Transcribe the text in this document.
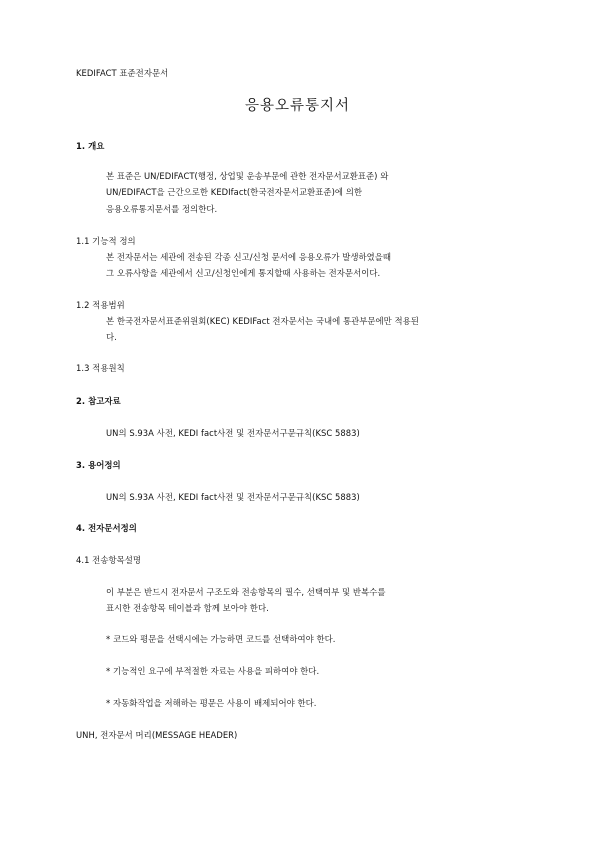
KEDIFACT 표준전자문서
응용오류통지서
1. 개요
본 표준은 UN/EDIFACT(행정, 상업및 운송부문에 관한 전자문서교환표준) 와
UN/EDIFACT을 근간으로한 KEDIfact(한국전자문서교환표준)에 의한
응용오류통지문서를 정의한다.
1.1 기능적 정의
본 전자문서는 세관에 전송된 각종 신고/신청 문서에 응용오류가 발생하였을때
그 오류사항을 세관에서 신고/신청인에게 통지할때 사용하는 전자문서이다.
1.2 적용범위
본 한국전자문서표준위원회(KEC) KEDIFact 전자문서는 국내에 통관부문에만 적용된
다.
1.3 적용원칙
2. 참고자료
UN의 S.93A 사전, KEDI fact사전 및 전자문서구문규칙(KSC 5883)
3. 용어정의
UN의 S.93A 사전, KEDI fact사전 및 전자문서구문규칙(KSC 5883)
4. 전자문서정의
4.1 전송항목설명
이 부분은 반드시 전자문서 구조도와 전송항목의 필수, 선택여부 및 반복수를
표시한 전송항목 테이블과 함께 보아야 한다.
* 코드와 평문을 선택시에는 가능하면 코드를 선택하여야 한다.
* 기능적인 요구에 부적절한 자료는 사용을 피하여야 한다.
* 자동화작업을 저해하는 평문은 사용이 배제되어야 한다.
UNH, 전자문서 머리(MESSAGE HEADER)
